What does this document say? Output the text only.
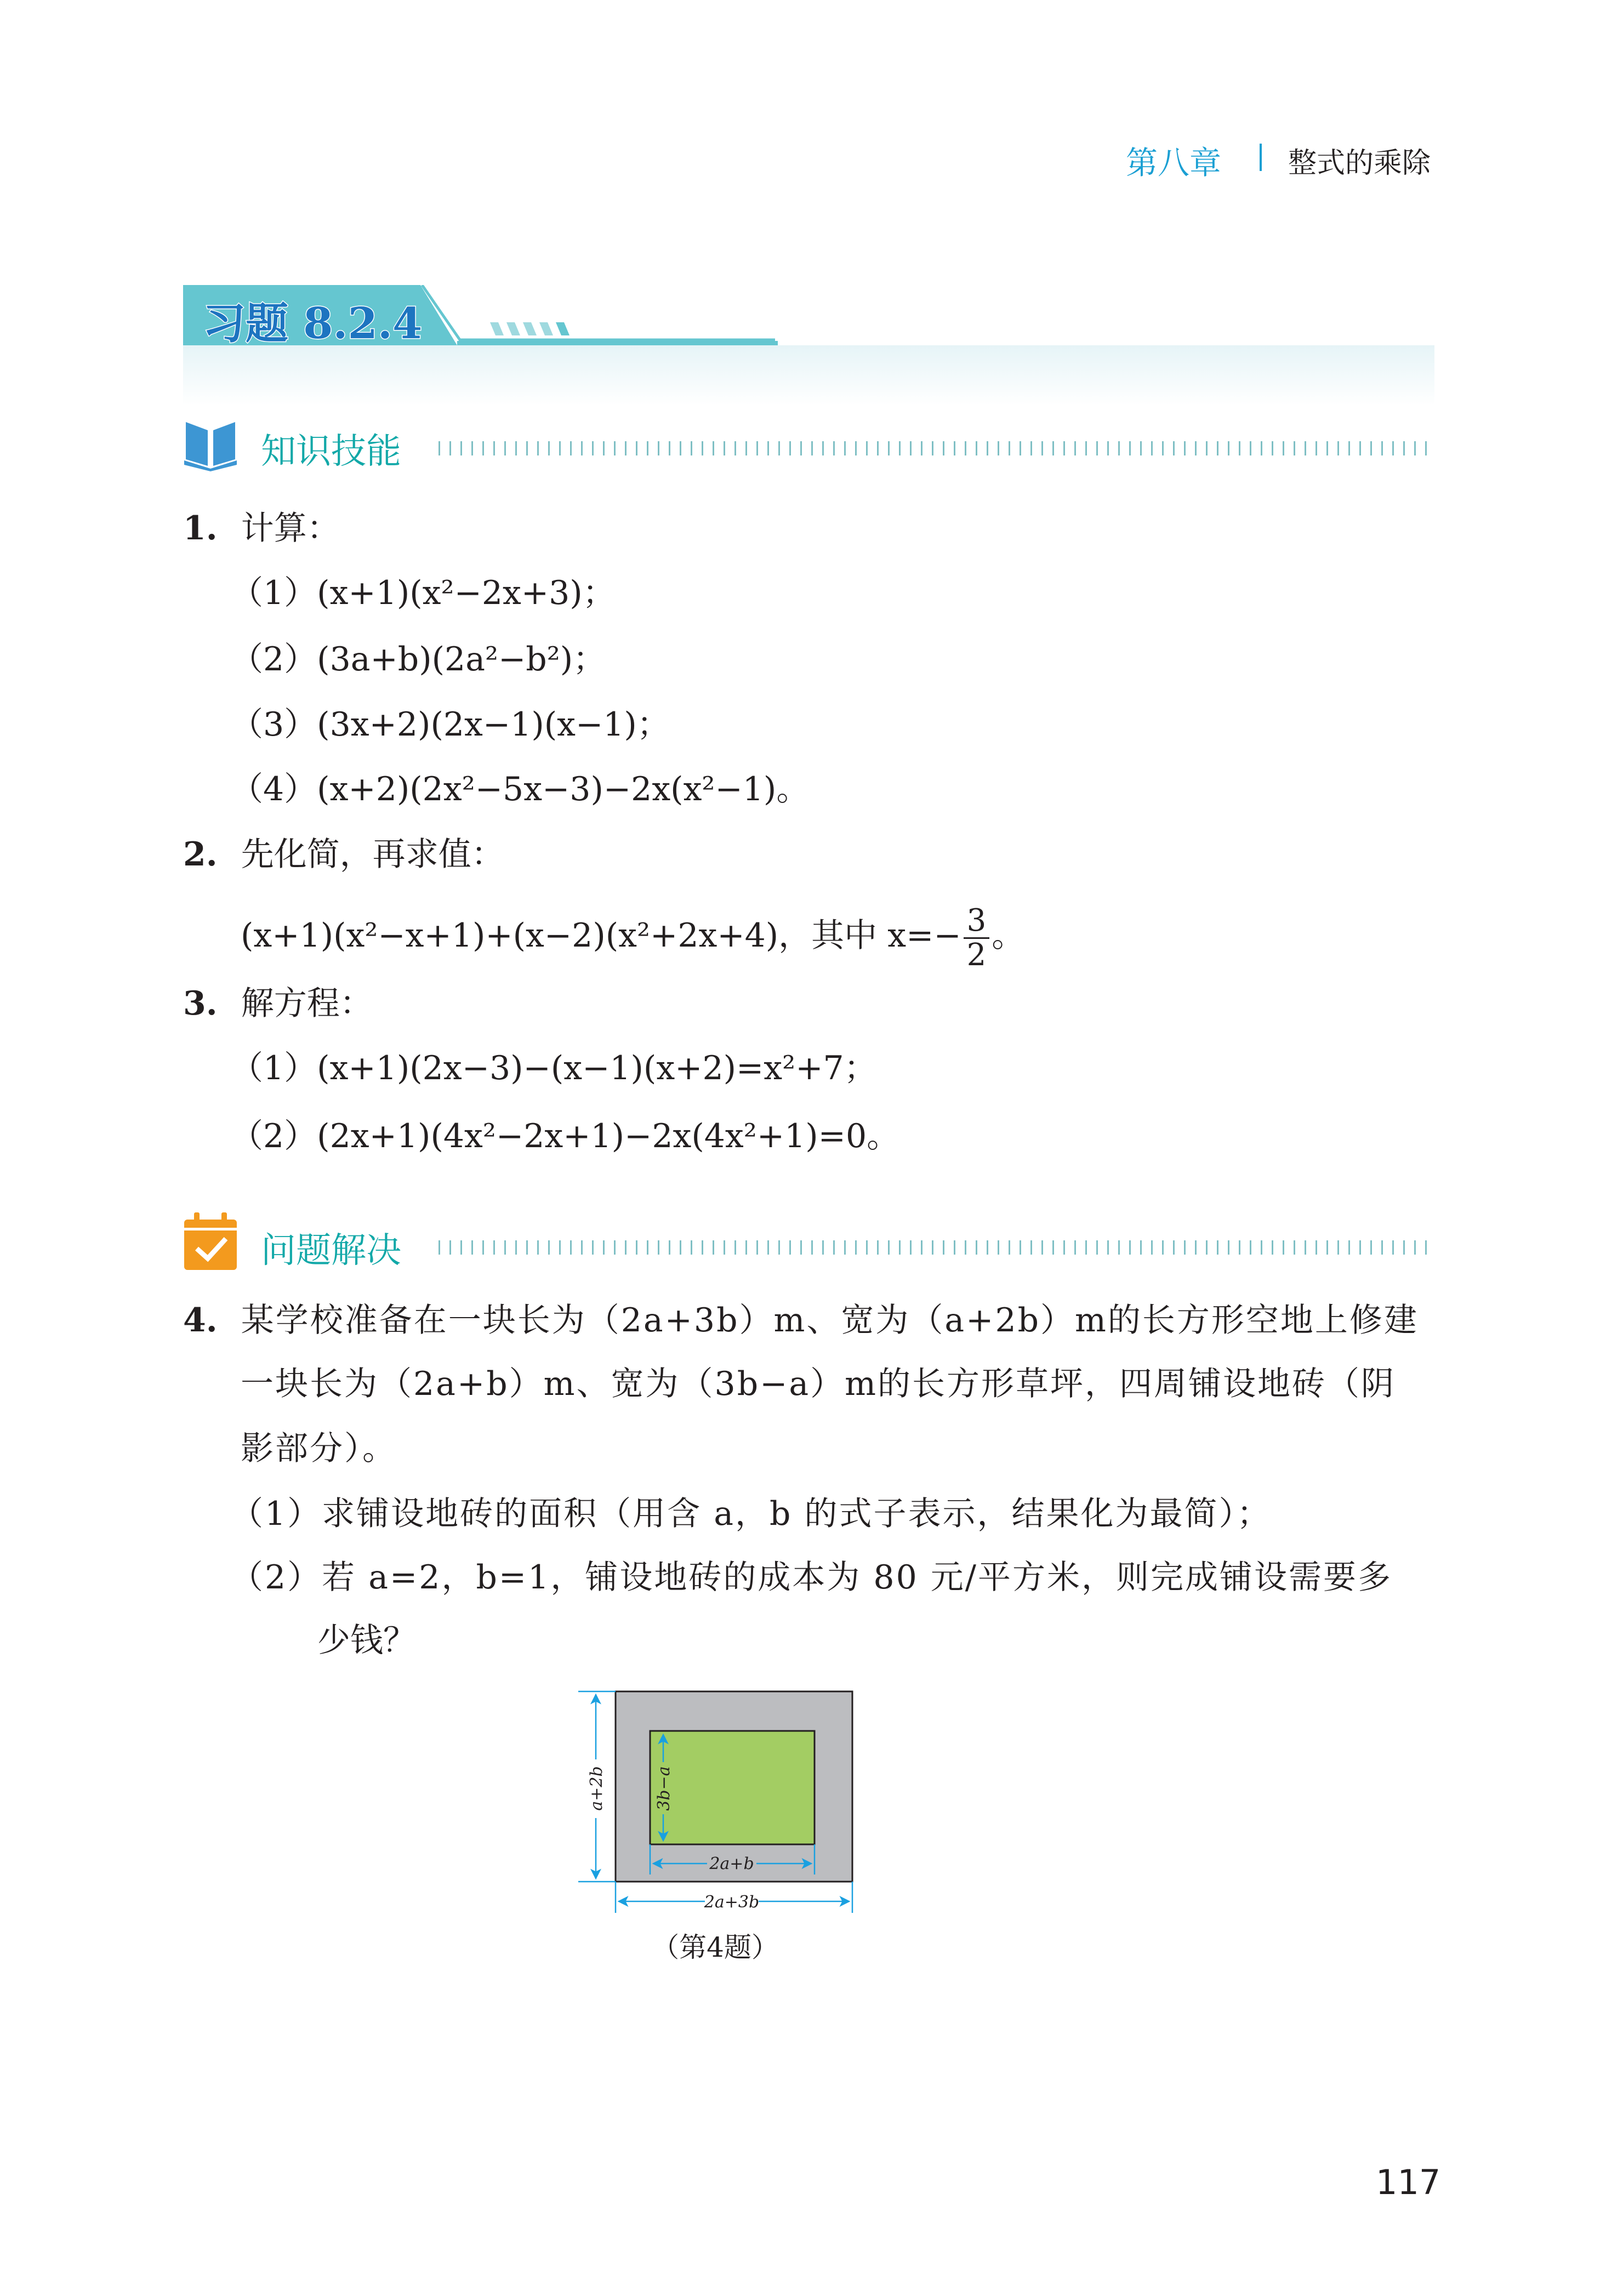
第八章 整式的乘除
习题 8.2.4
知识技能
1. 计算：
（1）(x+1)(x²−2x+3)；
（2）(3a+b)(2a²−b²)；
（3）(3x+2)(2x−1)(x−1)；
（4）(x+2)(2x²−5x−3)−2x(x²−1)。
2. 先化简，再求值：
(x+1)(x²−x+1)+(x−2)(x²+2x+4)，其中 $x=- \frac{3}{2}$ 。
3. 解方程：
（1）(x+1)(2x−3)−(x−1)(x+2)=x²+7；
（2）(2x+1)(4x²−2x+1)−2x(4x²+1)=0。
问题解决
4. 某学校准备在一块长为（2a+3b）m、宽为（a+2b）m的长方形空地上修建
一块长为（2a+b）m、宽为（3b−a）m的长方形草坪，四周铺设地砖（阴
影部分）。
（1）求铺设地砖的面积（用含 a，b 的式子表示，结果化为最简）；
（2）若 a=2，b=1，铺设地砖的成本为 80 元/平方米，则完成铺设需要多
少钱？
a+2b	3b−a
2a+b
2a+3b
（第4题）
117
